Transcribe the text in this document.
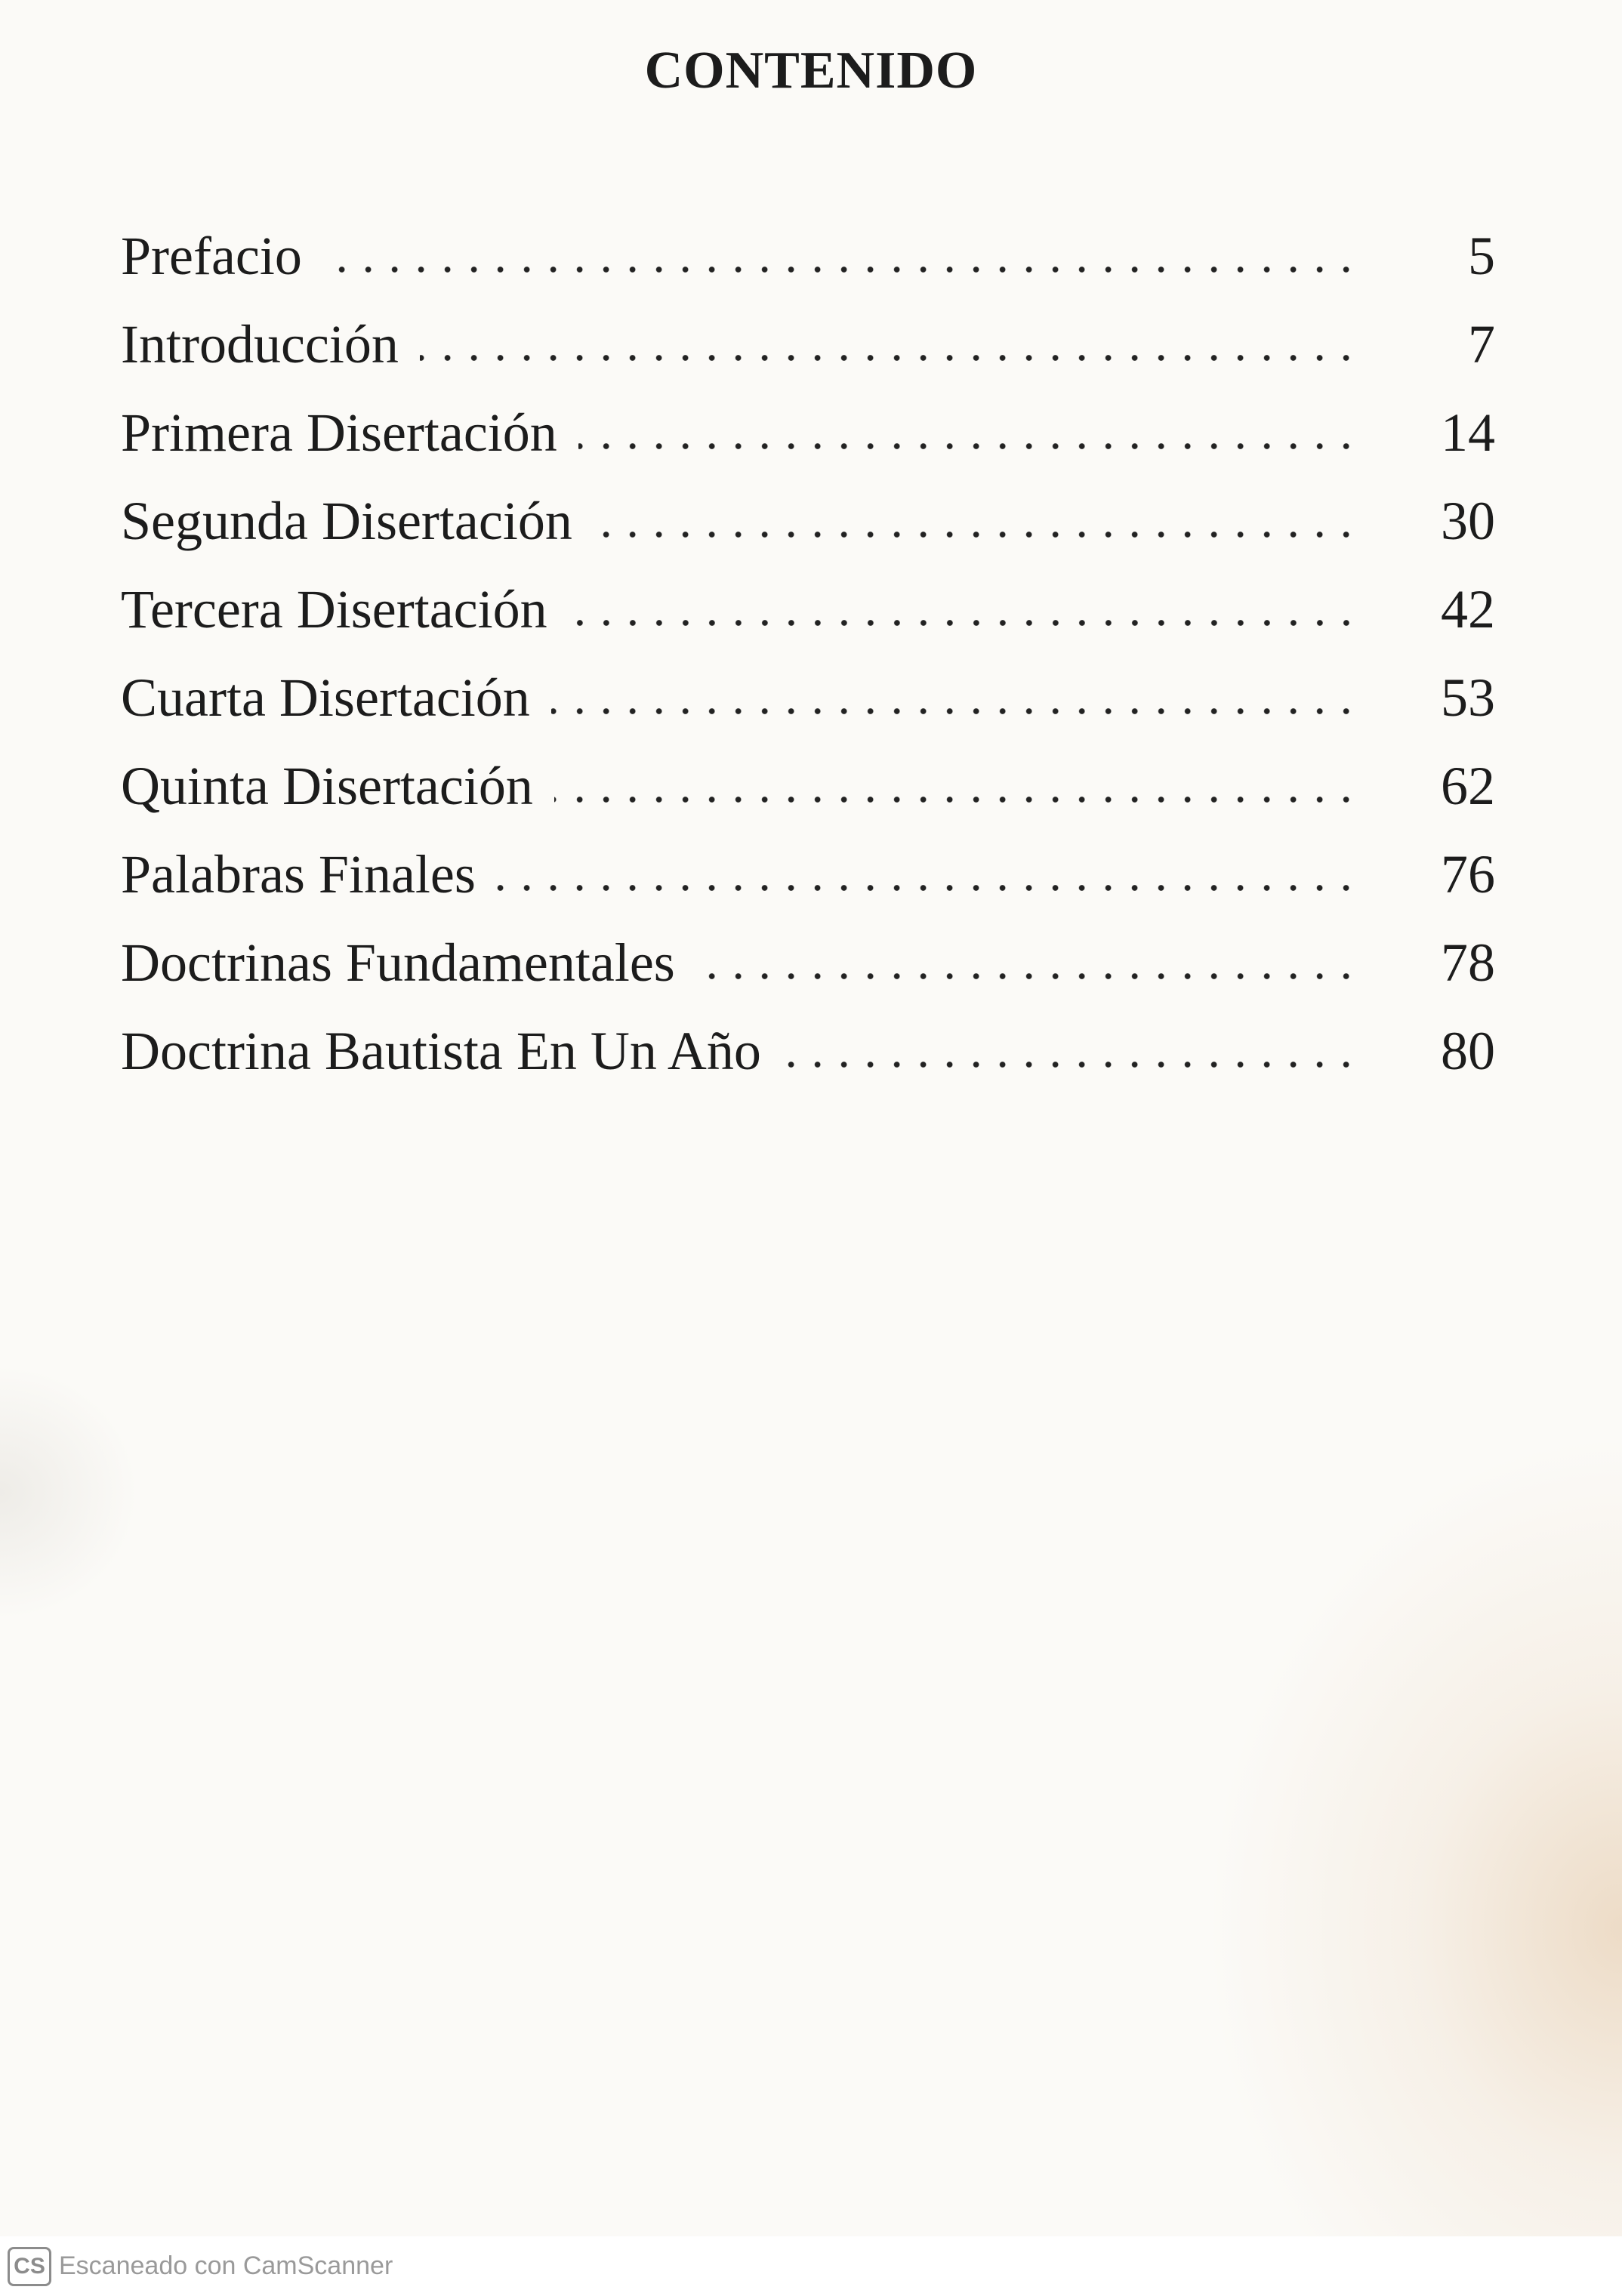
CONTENIDO
Prefacio	5
Introducción	7
Primera Disertación	14
Segunda Disertación	30
Tercera Disertación	42
Cuarta Disertación	53
Quinta Disertación	62
Palabras Finales	76
Doctrinas Fundamentales	78
Doctrina Bautista En Un Año	80
CS Escaneado con CamScanner
